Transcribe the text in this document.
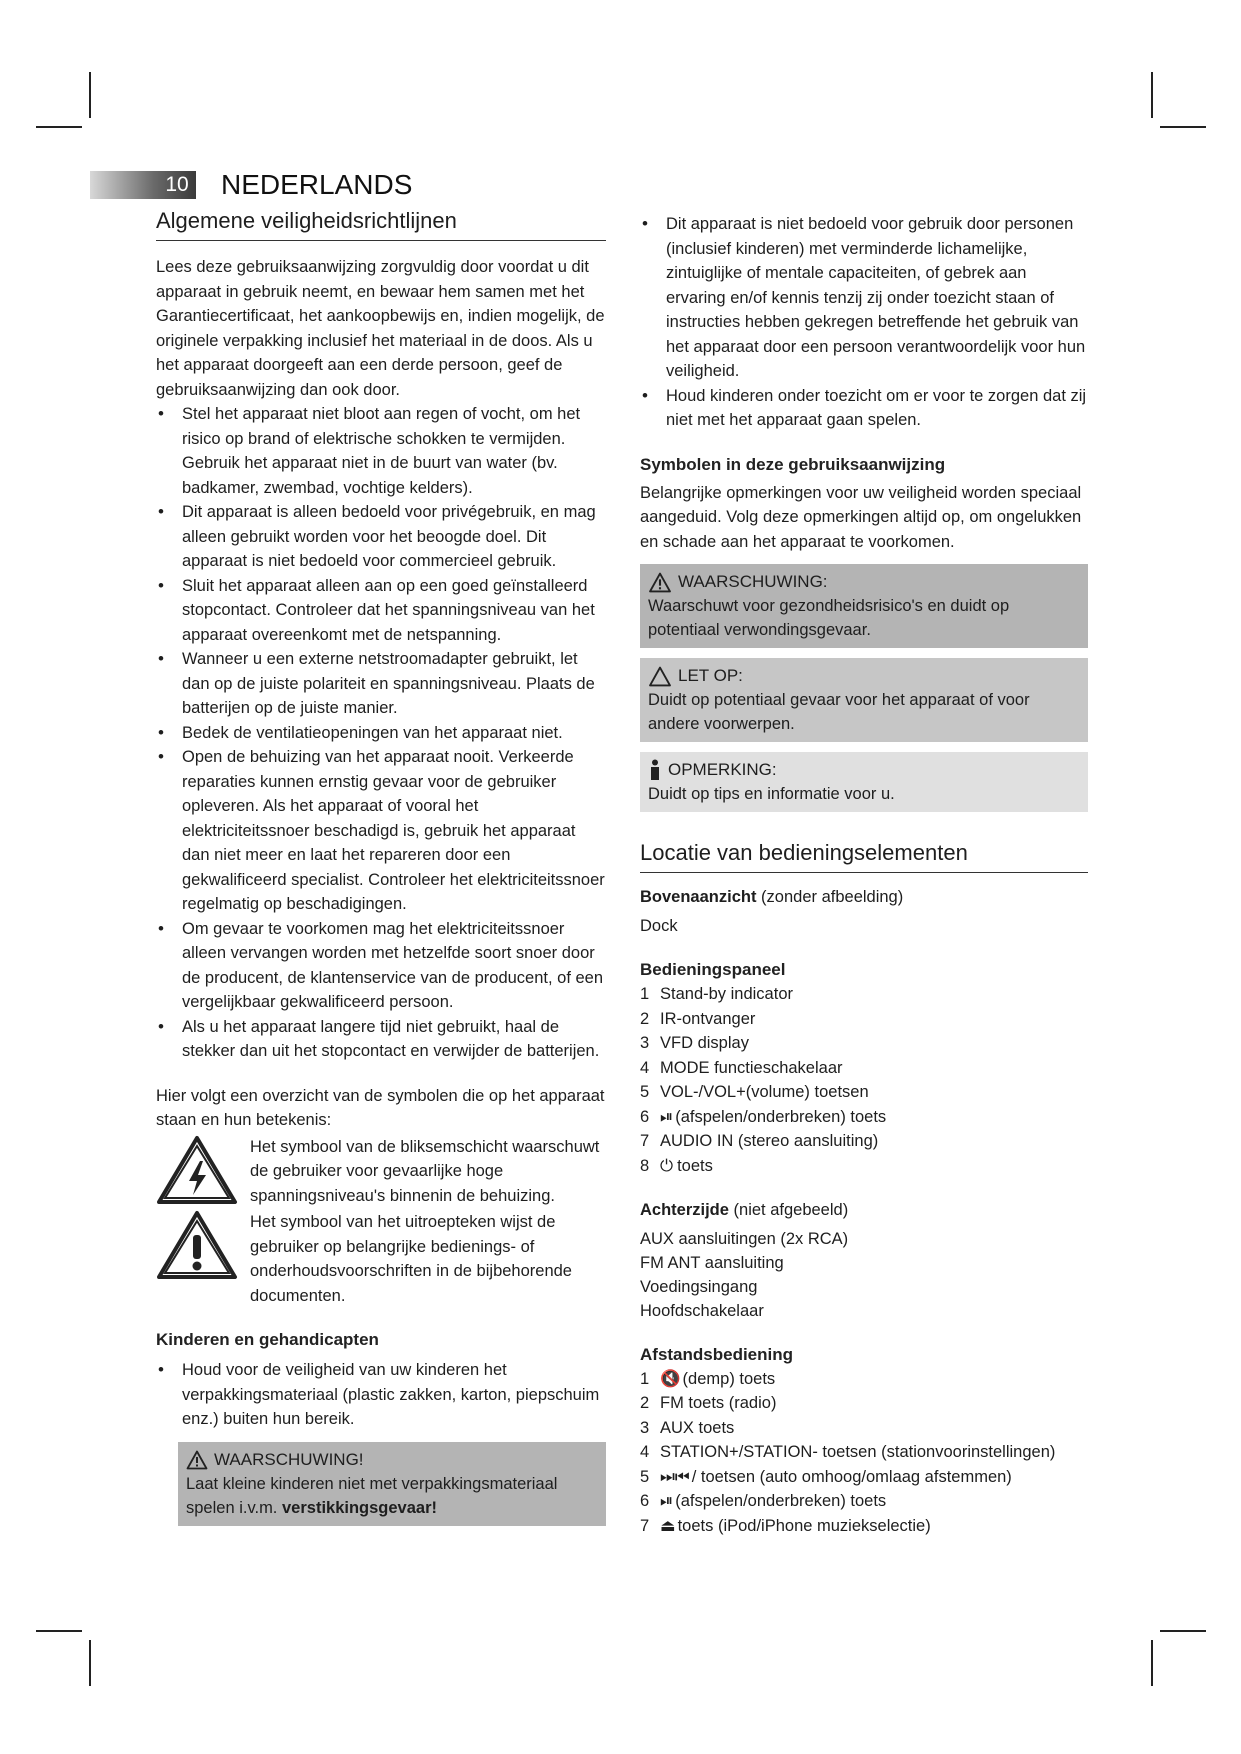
10 NEDERLANDS
Algemene veiligheidsrichtlijnen

Lees deze gebruiksaanwijzing zorgvuldig door voordat u dit apparaat in gebruik neemt, en bewaar hem samen met het Garantiecertificaat, het aankoopbewijs en, indien mogelijk, de originele verpakking inclusief het materiaal in de doos. Als u het apparaat doorgeeft aan een derde persoon, geef de gebruiksaanwijzing dan ook door.

• Stel het apparaat niet bloot aan regen of vocht, om het risico op brand of elektrische schokken te vermijden. Gebruik het apparaat niet in de buurt van water (bv. badkamer, zwembad, vochtige kelders).
• Dit apparaat is alleen bedoeld voor privégebruik, en mag alleen gebruikt worden voor het beoogde doel. Dit apparaat is niet bedoeld voor commercieel gebruik.
• Sluit het apparaat alleen aan op een goed geïnstalleerd stopcontact. Controleer dat het spanningsniveau van het apparaat overeenkomt met de netspanning.
• Wanneer u een externe netstroomadapter gebruikt, let dan op de juiste polariteit en spanningsniveau. Plaats de batterijen op de juiste manier.
• Bedek de ventilatieopeningen van het apparaat niet.
• Open de behuizing van het apparaat nooit. Verkeerde reparaties kunnen ernstig gevaar voor de gebruiker opleveren. Als het apparaat of vooral het elektriciteitssnoer beschadigd is, gebruik het apparaat dan niet meer en laat het repareren door een gekwalificeerd specialist. Controleer het elektriciteitssnoer regelmatig op beschadigingen.
• Om gevaar te voorkomen mag het elektriciteitssnoer alleen vervangen worden met hetzelfde soort snoer door de producent, de klantenservice van de producent, of een vergelijkbaar gekwalificeerd persoon.
• Als u het apparaat langere tijd niet gebruikt, haal de stekker dan uit het stopcontact en verwijder de batterijen.

Hier volgt een overzicht van de symbolen die op het apparaat staan en hun betekenis:

Het symbool van de bliksemschicht waarschuwt de gebruiker voor gevaarlijke hoge spanningsniveau's binnenin de behuizing.

Het symbool van het uitroepteken wijst de gebruiker op belangrijke bedienings- of onderhoudsvoorschriften in de bijbehorende documenten.

Kinderen en gehandicapten
• Houd voor de veiligheid van uw kinderen het verpakkingsmateriaal (plastic zakken, karton, piepschuim enz.) buiten hun bereik.
WAARSCHUWING!

Laat kleine kinderen niet met verpakkingsmateriaal spelen i.v.m. verstikkingsgevaar!

• Dit apparaat is niet bedoeld voor gebruik door personen (inclusief kinderen) met verminderde lichamelijke, zintuiglijke of mentale capaciteiten, of gebrek aan ervaring en/of kennis tenzij zij onder toezicht staan of instructies hebben gekregen betreffende het gebruik van het apparaat door een persoon verantwoordelijk voor hun veiligheid.
• Houd kinderen onder toezicht om er voor te zorgen dat zij niet met het apparaat gaan spelen.
Symbolen in deze gebruiksaanwijzing

Belangrijke opmerkingen voor uw veiligheid worden speciaal aangeduid. Volg deze opmerkingen altijd op, om ongelukken en schade aan het apparaat te voorkomen.

WAARSCHUWING:

Waarschuwt voor gezondheidsrisico's en duidt op potentiaal verwondingsgevaar.

LET OP:

Duidt op potentiaal gevaar voor het apparaat of voor andere voorwerpen.

OPMERKING:

Duidt op tips en informatie voor u.

Locatie van bedieningselementen

Bovenaanzicht (zonder afbeelding)

Dock

Bedieningspaneel
1 Stand-by indicator
2 IR-ontvanger
3 VFD display
4 MODE functieschakelaar
5 VOL-/VOL+(volume) toetsen
6 ⏯ (afspelen/onderbreken) toets
7 AUDIO IN (stereo aansluiting)
8 ⏻ toets

Achterzijde (niet afgebeeld)

AUX aansluitingen (2x RCA)

FM ANT aansluiting

Voedingsingang

Hoofdschakelaar

Afstandsbediening
1 🔇 (demp) toets
2 FM toets (radio)
3 AUX toets
4 STATION+/STATION- toetsen (stationvoorinstellingen)
5 ⏭⏮ / toetsen (auto omhoog/omlaag afstemmen)
6 ⏯ (afspelen/onderbreken) toets
7 ⏏ toets (iPod/iPhone muziekselectie)
